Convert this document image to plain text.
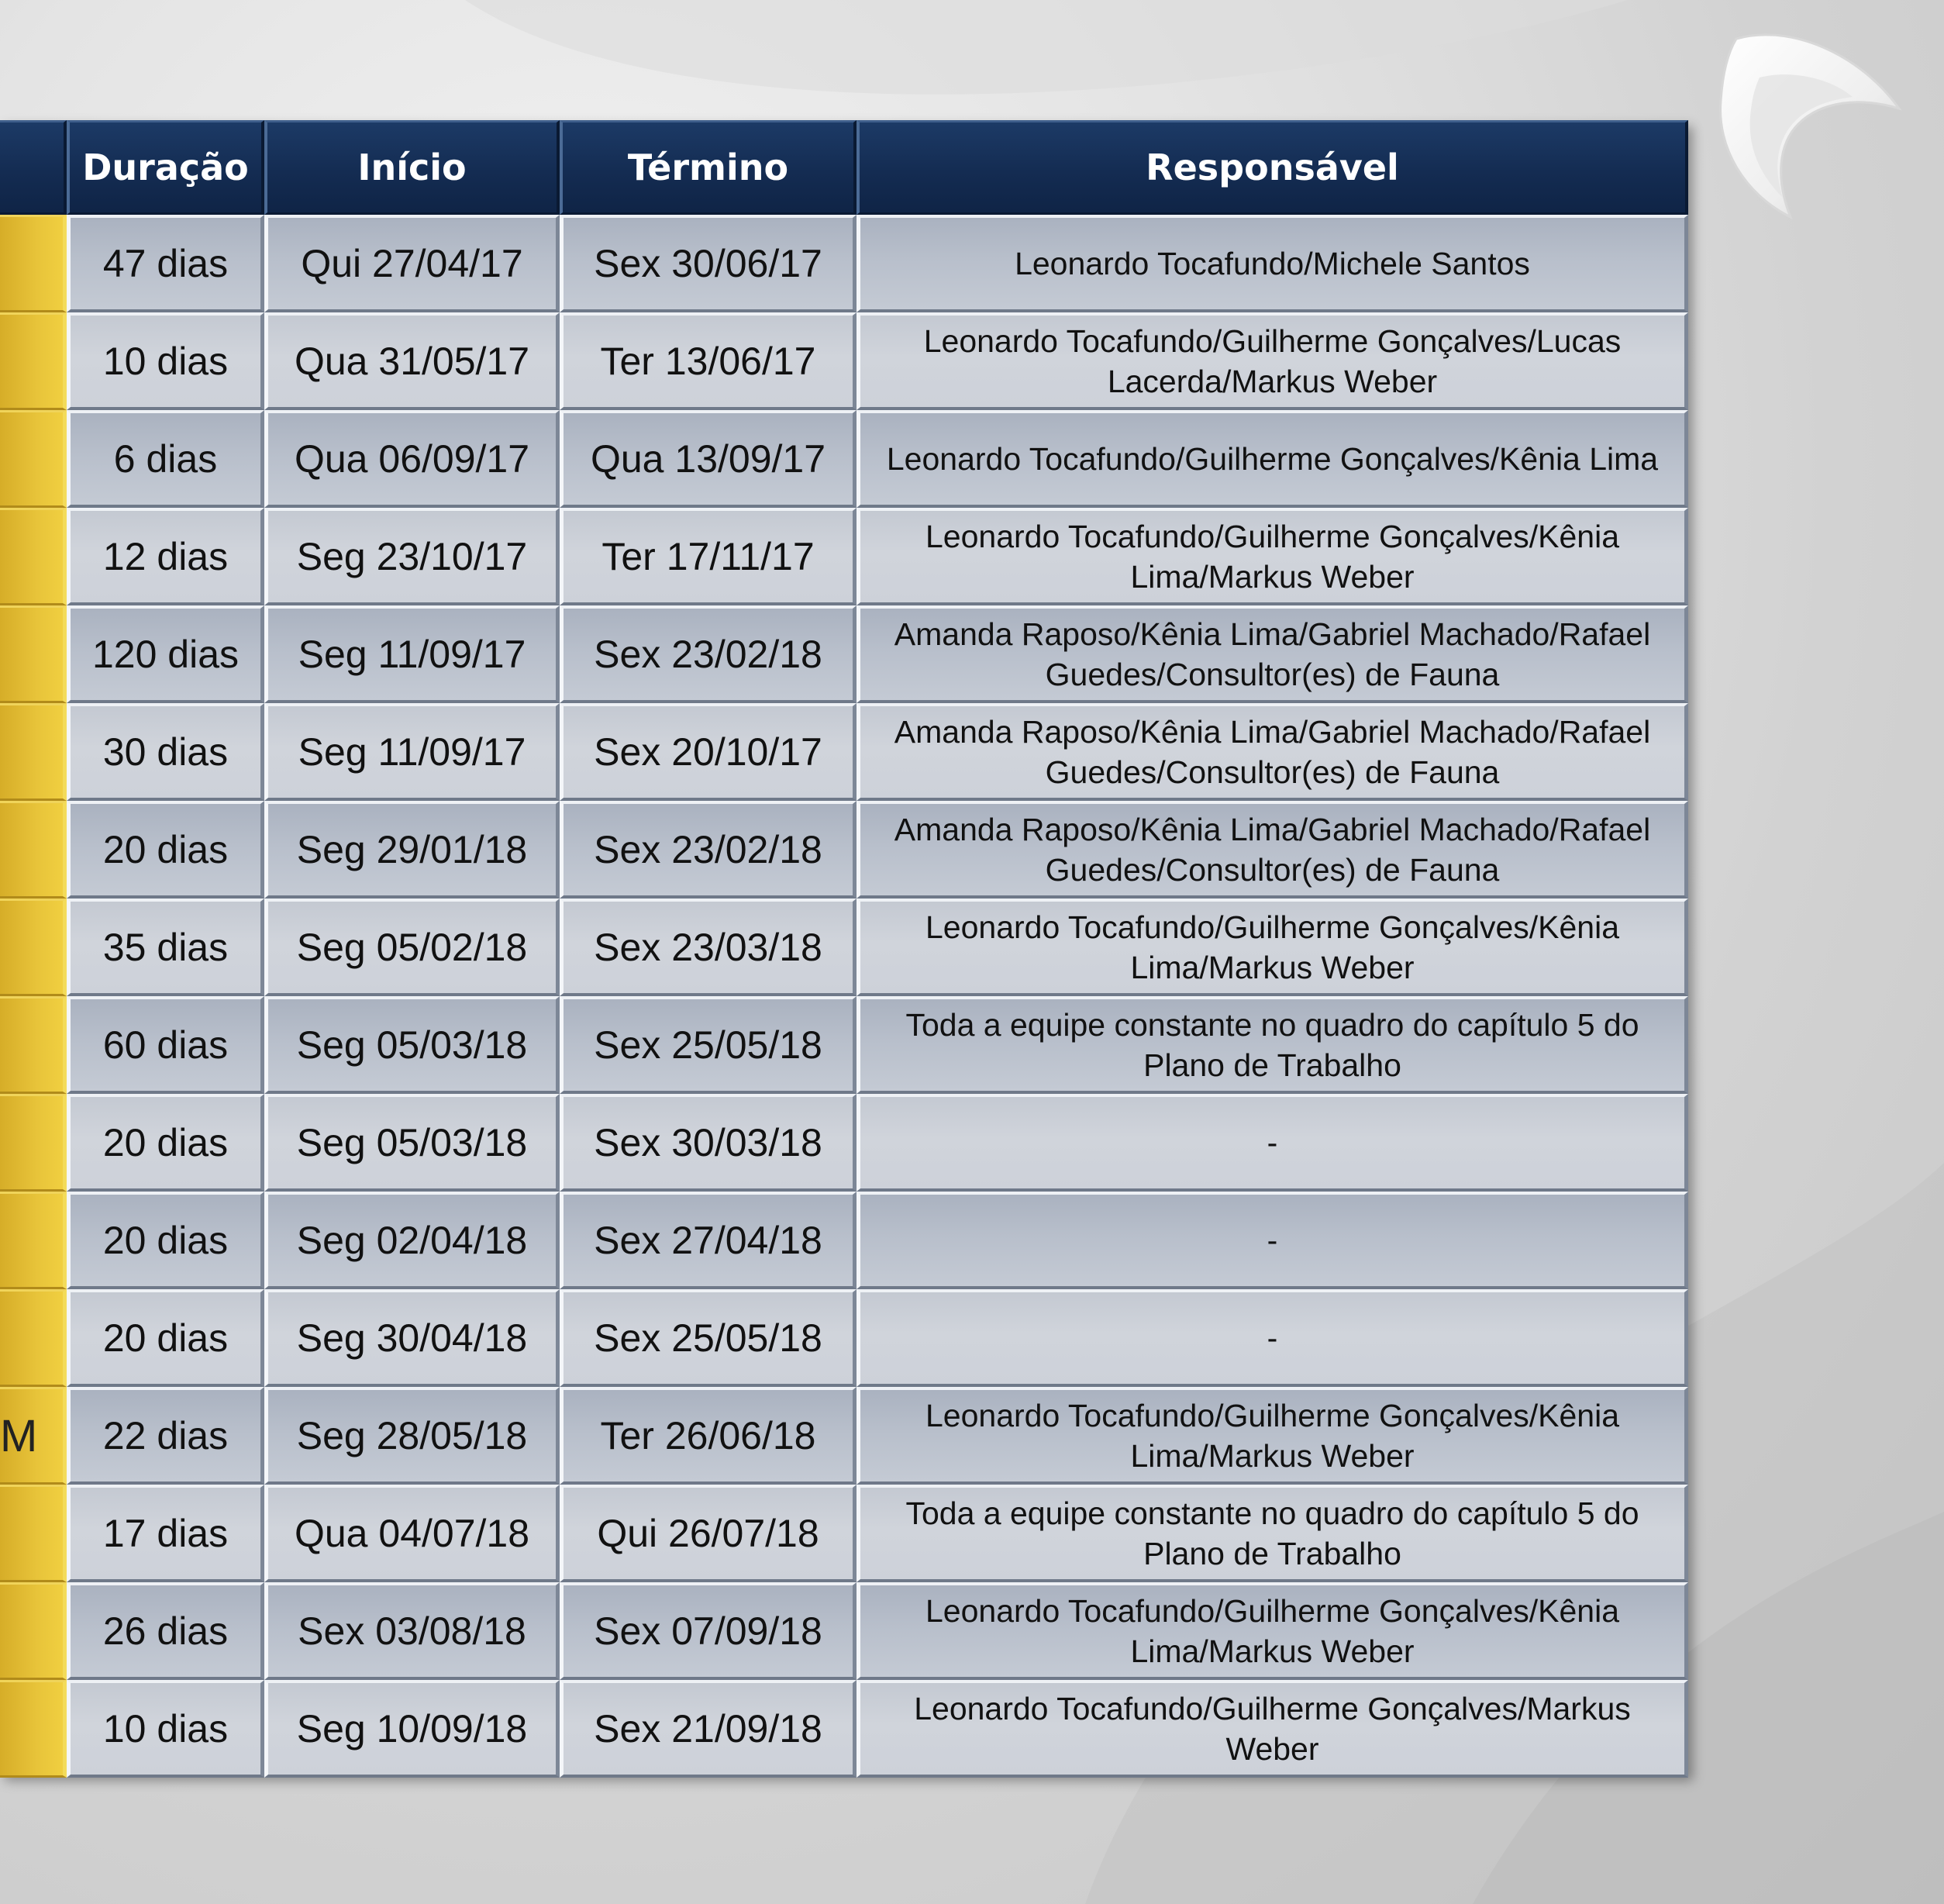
	Duração	Início	Término	Responsável
	47 dias	Qui 27/04/17	Sex 30/06/17	Leonardo Tocafundo/Michele Santos
	10 dias	Qua 31/05/17	Ter 13/06/17	Leonardo Tocafundo/Guilherme Gonçalves/Lucas Lacerda/Markus Weber
	6 dias	Qua 06/09/17	Qua 13/09/17	Leonardo Tocafundo/Guilherme Gonçalves/Kênia Lima
	12 dias	Seg 23/10/17	Ter 17/11/17	Leonardo Tocafundo/Guilherme Gonçalves/Kênia Lima/Markus Weber
	120 dias	Seg 11/09/17	Sex 23/02/18	Amanda Raposo/Kênia Lima/Gabriel Machado/Rafael Guedes/Consultor(es) de Fauna
	30 dias	Seg 11/09/17	Sex 20/10/17	Amanda Raposo/Kênia Lima/Gabriel Machado/Rafael Guedes/Consultor(es) de Fauna
	20 dias	Seg 29/01/18	Sex 23/02/18	Amanda Raposo/Kênia Lima/Gabriel Machado/Rafael Guedes/Consultor(es) de Fauna
	35 dias	Seg 05/02/18	Sex 23/03/18	Leonardo Tocafundo/Guilherme Gonçalves/Kênia Lima/Markus Weber
	60 dias	Seg 05/03/18	Sex 25/05/18	Toda a equipe constante no quadro do capítulo 5 do Plano de Trabalho
	20 dias	Seg 05/03/18	Sex 30/03/18	-
	20 dias	Seg 02/04/18	Sex 27/04/18	-
	20 dias	Seg 30/04/18	Sex 25/05/18	-
M	22 dias	Seg 28/05/18	Ter 26/06/18	Leonardo Tocafundo/Guilherme Gonçalves/Kênia Lima/Markus Weber
	17 dias	Qua 04/07/18	Qui 26/07/18	Toda a equipe constante no quadro do capítulo 5 do Plano de Trabalho
	26 dias	Sex 03/08/18	Sex 07/09/18	Leonardo Tocafundo/Guilherme Gonçalves/Kênia Lima/Markus Weber
	10 dias	Seg 10/09/18	Sex 21/09/18	Leonardo Tocafundo/Guilherme Gonçalves/Markus Weber
